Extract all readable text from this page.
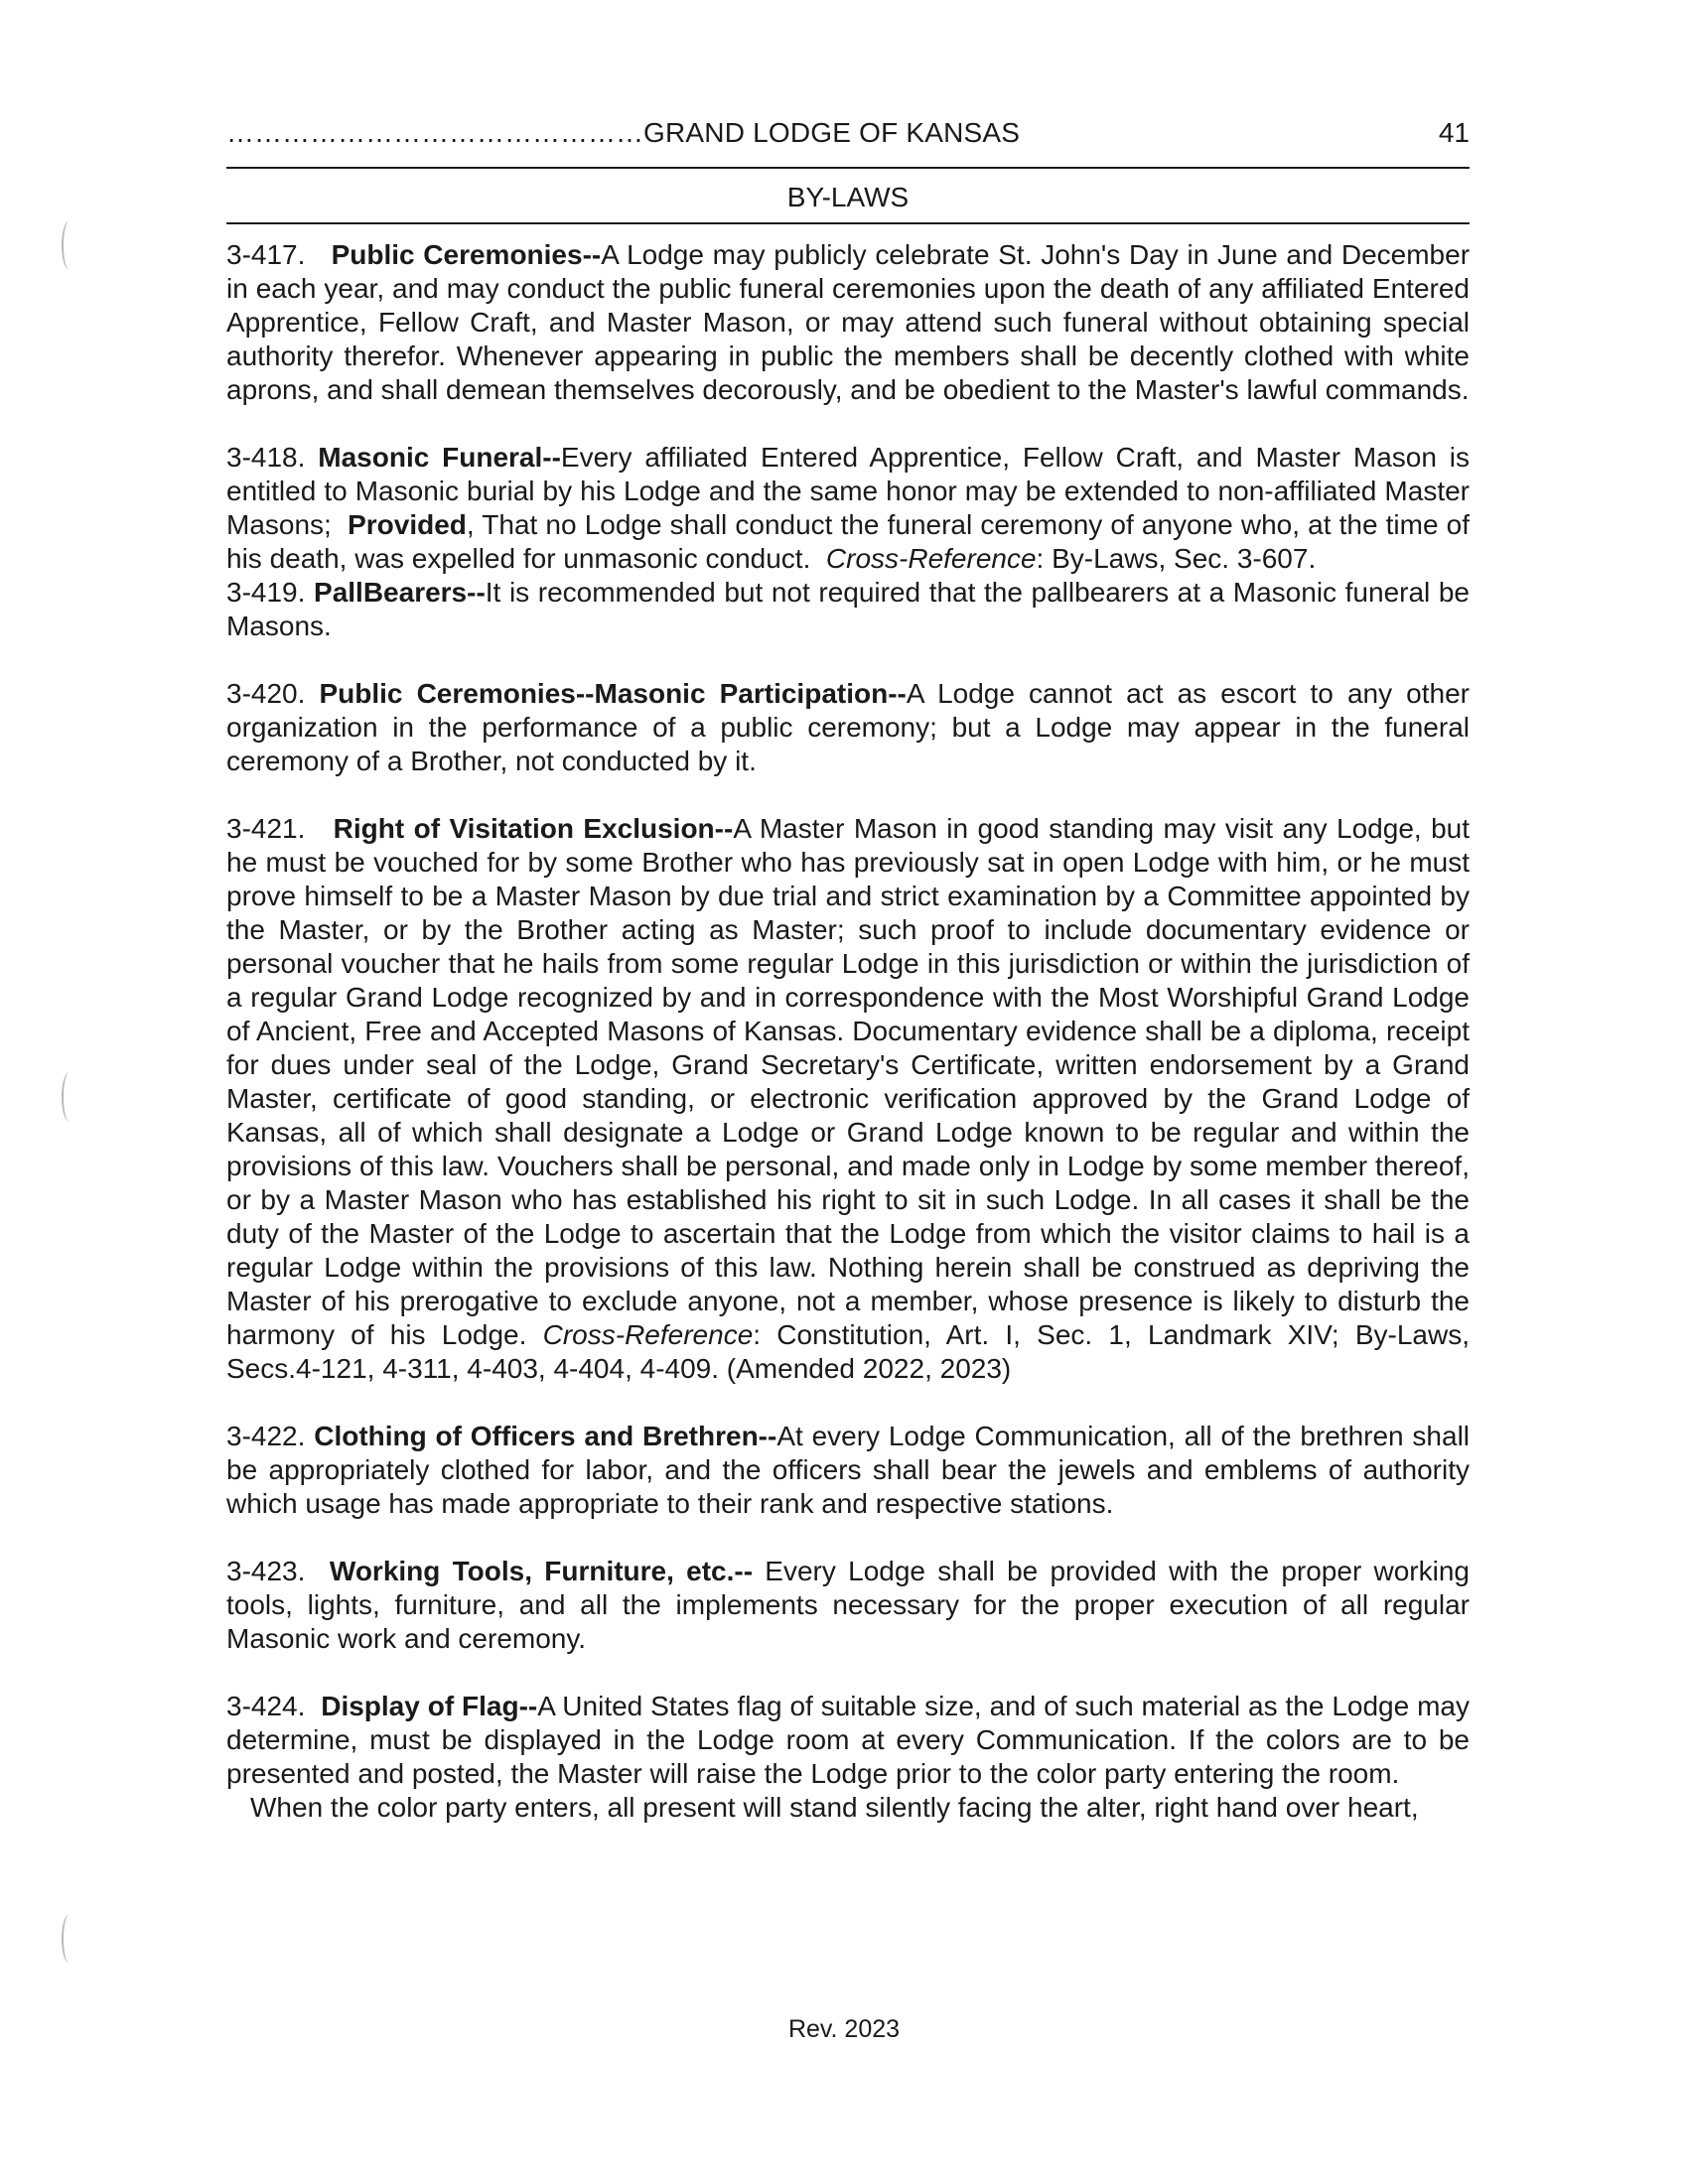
………………………………………GRAND LODGE OF KANSAS	41
BY-LAWS

3-417. Public Ceremonies--A Lodge may publicly celebrate St. John's Day in June and December in each year, and may conduct the public funeral ceremonies upon the death of any affiliated Entered Apprentice, Fellow Craft, and Master Mason, or may attend such funeral without obtaining special authority therefor. Whenever appearing in public the members shall be decently clothed with white aprons, and shall demean themselves decorously, and be obedient to the Master's lawful commands.

3-418. Masonic Funeral--Every affiliated Entered Apprentice, Fellow Craft, and Master Mason is entitled to Masonic burial by his Lodge and the same honor may be extended to non-affiliated Master Masons; Provided, That no Lodge shall conduct the funeral ceremony of anyone who, at the time of his death, was expelled for unmasonic conduct. Cross-Reference: By-Laws, Sec. 3-607.

3-419. PallBearers--It is recommended but not required that the pallbearers at a Masonic funeral be Masons.

3-420. Public Ceremonies--Masonic Participation--A Lodge cannot act as escort to any other organization in the performance of a public ceremony; but a Lodge may appear in the funeral ceremony of a Brother, not conducted by it.

3-421. Right of Visitation Exclusion--A Master Mason in good standing may visit any Lodge, but he must be vouched for by some Brother who has previously sat in open Lodge with him, or he must prove himself to be a Master Mason by due trial and strict examination by a Committee appointed by the Master, or by the Brother acting as Master; such proof to include documentary evidence or personal voucher that he hails from some regular Lodge in this jurisdiction or within the jurisdiction of a regular Grand Lodge recognized by and in correspondence with the Most Worshipful Grand Lodge of Ancient, Free and Accepted Masons of Kansas. Documentary evidence shall be a diploma, receipt for dues under seal of the Lodge, Grand Secretary's Certificate, written endorsement by a Grand Master, certificate of good standing, or electronic verification approved by the Grand Lodge of Kansas, all of which shall designate a Lodge or Grand Lodge known to be regular and within the provisions of this law. Vouchers shall be personal, and made only in Lodge by some member thereof, or by a Master Mason who has established his right to sit in such Lodge. In all cases it shall be the duty of the Master of the Lodge to ascertain that the Lodge from which the visitor claims to hail is a regular Lodge within the provisions of this law. Nothing herein shall be construed as depriving the Master of his prerogative to exclude anyone, not a member, whose presence is likely to disturb the harmony of his Lodge. Cross-Reference: Constitution, Art. I, Sec. 1, Landmark XIV; By-Laws, Secs.4-121, 4-311, 4-403, 4-404, 4-409. (Amended 2022, 2023)

3-422. Clothing of Officers and Brethren--At every Lodge Communication, all of the brethren shall be appropriately clothed for labor, and the officers shall bear the jewels and emblems of authority which usage has made appropriate to their rank and respective stations.

3-423. Working Tools, Furniture, etc.-- Every Lodge shall be provided with the proper working tools, lights, furniture, and all the implements necessary for the proper execution of all regular Masonic work and ceremony.

3-424. Display of Flag--A United States flag of suitable size, and of such material as the Lodge may determine, must be displayed in the Lodge room at every Communication. If the colors are to be presented and posted, the Master will raise the Lodge prior to the color party entering the room.

When the color party enters, all present will stand silently facing the alter, right hand over heart,

Rev. 2023
